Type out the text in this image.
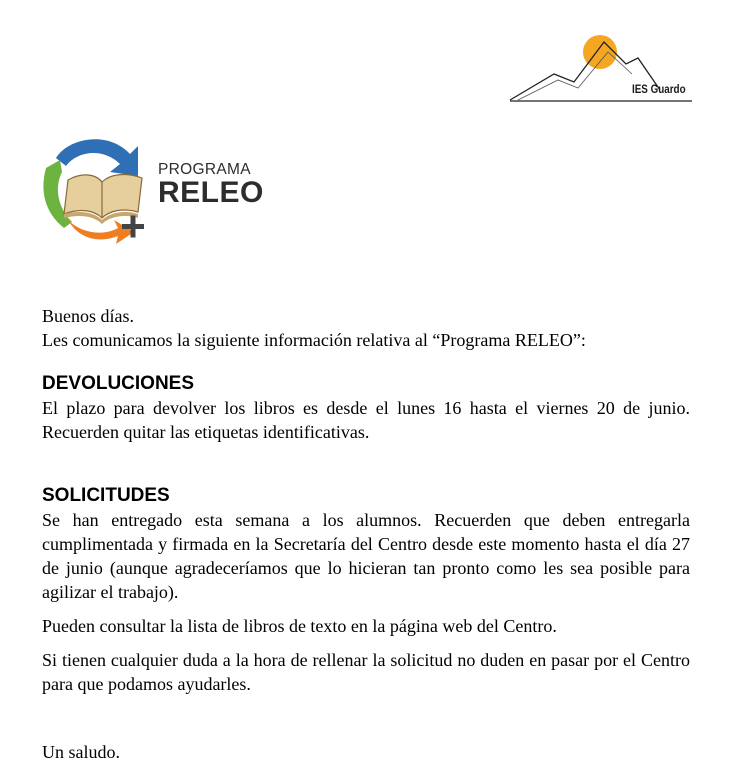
IES Guardo
PROGRAMA
RELEO

Buenos días.

Les comunicamos la siguiente información relativa al “Programa RELEO”:

DEVOLUCIONES

El plazo para devolver los libros es desde el lunes 16 hasta el viernes 20 de junio. Recuerden quitar las etiquetas identificativas.

SOLICITUDES

Se han entregado esta semana a los alumnos. Recuerden que deben entregarla cumplimentada y firmada en la Secretaría del Centro desde este momento hasta el día 27 de junio (aunque agradeceríamos que lo hicieran tan pronto como les sea posible para agilizar el trabajo).

Pueden consultar la lista de libros de texto en la página web del Centro.

Si tienen cualquier duda a la hora de rellenar la solicitud no duden en pasar por el Centro para que podamos ayudarles.

Un saludo.
